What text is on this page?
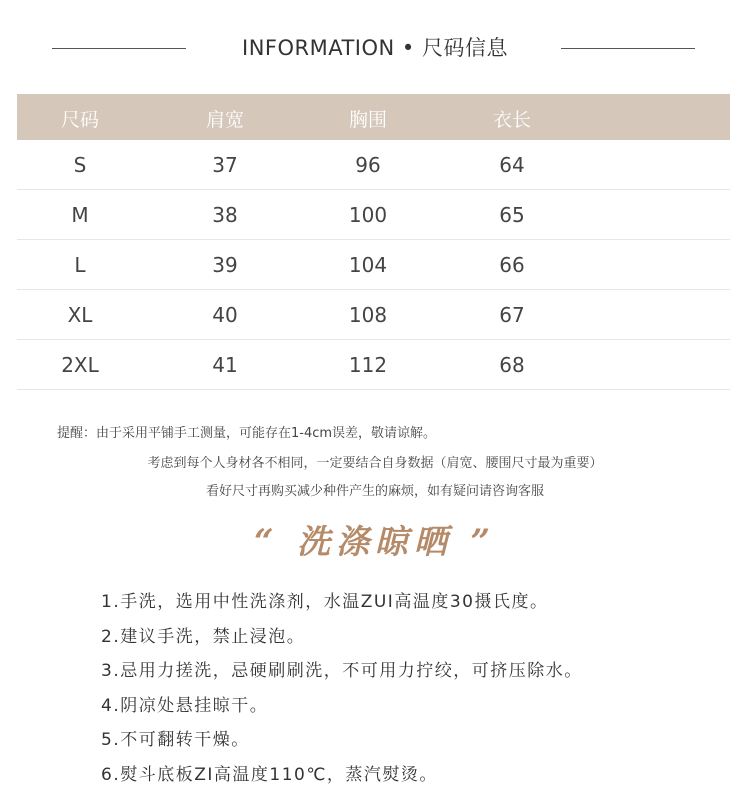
INFORMATION • 尺码信息
尺码	肩宽	胸围	衣长
S	37	96	64
M	38	100	65
L	39	104	66
XL	40	108	67
2XL	41	112	68
提醒：由于采用平铺手工测量，可能存在1-4cm误差，敬请谅解。
考虑到每个人身材各不相同，一定要结合自身数据（肩宽、腰围尺寸最为重要）
看好尺寸再购买减少种件产生的麻烦，如有疑问请咨询客服
“ 洗涤晾晒 ”
1.手洗，选用中性洗涤剂，水温ZUI高温度30摄氏度。
2.建议手洗，禁止浸泡。
3.忌用力搓洗，忌硬刷刷洗，不可用力拧绞，可挤压除水。
4.阴凉处悬挂晾干。
5.不可翻转干燥。
6.熨斗底板ZI高温度110℃，蒸汽熨烫。
